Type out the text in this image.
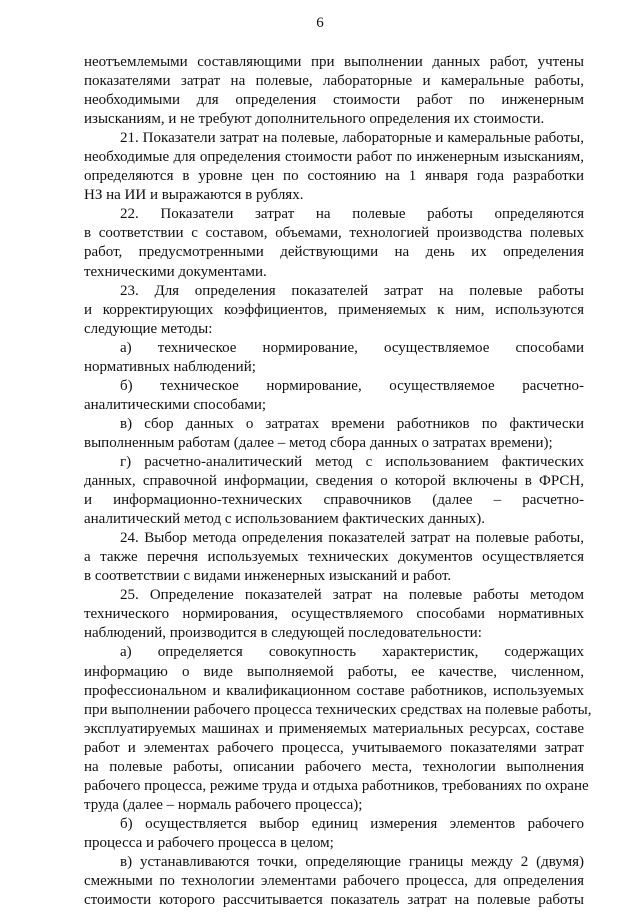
6
неотъемлемыми составляющими при выполнении данных работ, учтены
показателями затрат на полевые, лабораторные и камеральные работы,
необходимыми для определения стоимости работ по инженерным
изысканиям, и не требуют дополнительного определения их стоимости.
21. Показатели затрат на полевые, лабораторные и камеральные работы,
необходимые для определения стоимости работ по инженерным изысканиям,
определяются в уровне цен по состоянию на 1 января года разработки
НЗ на ИИ и выражаются в рублях.
22. Показатели затрат на полевые работы определяются
в соответствии с составом, объемами, технологией производства полевых
работ, предусмотренными действующими на день их определения
техническими документами.
23. Для определения показателей затрат на полевые работы
и корректирующих коэффициентов, применяемых к ним, используются
следующие методы:
а) техническое нормирование, осуществляемое способами
нормативных наблюдений;
б) техническое нормирование, осуществляемое расчетно-
аналитическими способами;
в) сбор данных о затратах времени работников по фактически
выполненным работам (далее – метод сбора данных о затратах времени);
г) расчетно-аналитический метод с использованием фактических
данных, справочной информации, сведения о которой включены в ФРСН,
и информационно-технических справочников (далее – расчетно-
аналитический метод с использованием фактических данных).
24. Выбор метода определения показателей затрат на полевые работы,
а также перечня используемых технических документов осуществляется
в соответствии с видами инженерных изысканий и работ.
25. Определение показателей затрат на полевые работы методом
технического нормирования, осуществляемого способами нормативных
наблюдений, производится в следующей последовательности:
а) определяется совокупность характеристик, содержащих
информацию о виде выполняемой работы, ее качестве, численном,
профессиональном и квалификационном составе работников, используемых
при выполнении рабочего процесса технических средствах на полевые работы,
эксплуатируемых машинах и применяемых материальных ресурсах, составе
работ и элементах рабочего процесса, учитываемого показателями затрат
на полевые работы, описании рабочего места, технологии выполнения
рабочего процесса, режиме труда и отдыха работников, требованиях по охране
труда (далее – нормаль рабочего процесса);
б) осуществляется выбор единиц измерения элементов рабочего
процесса и рабочего процесса в целом;
в) устанавливаются точки, определяющие границы между 2 (двумя)
смежными по технологии элементами рабочего процесса, для определения
стоимости которого рассчитывается показатель затрат на полевые работы
